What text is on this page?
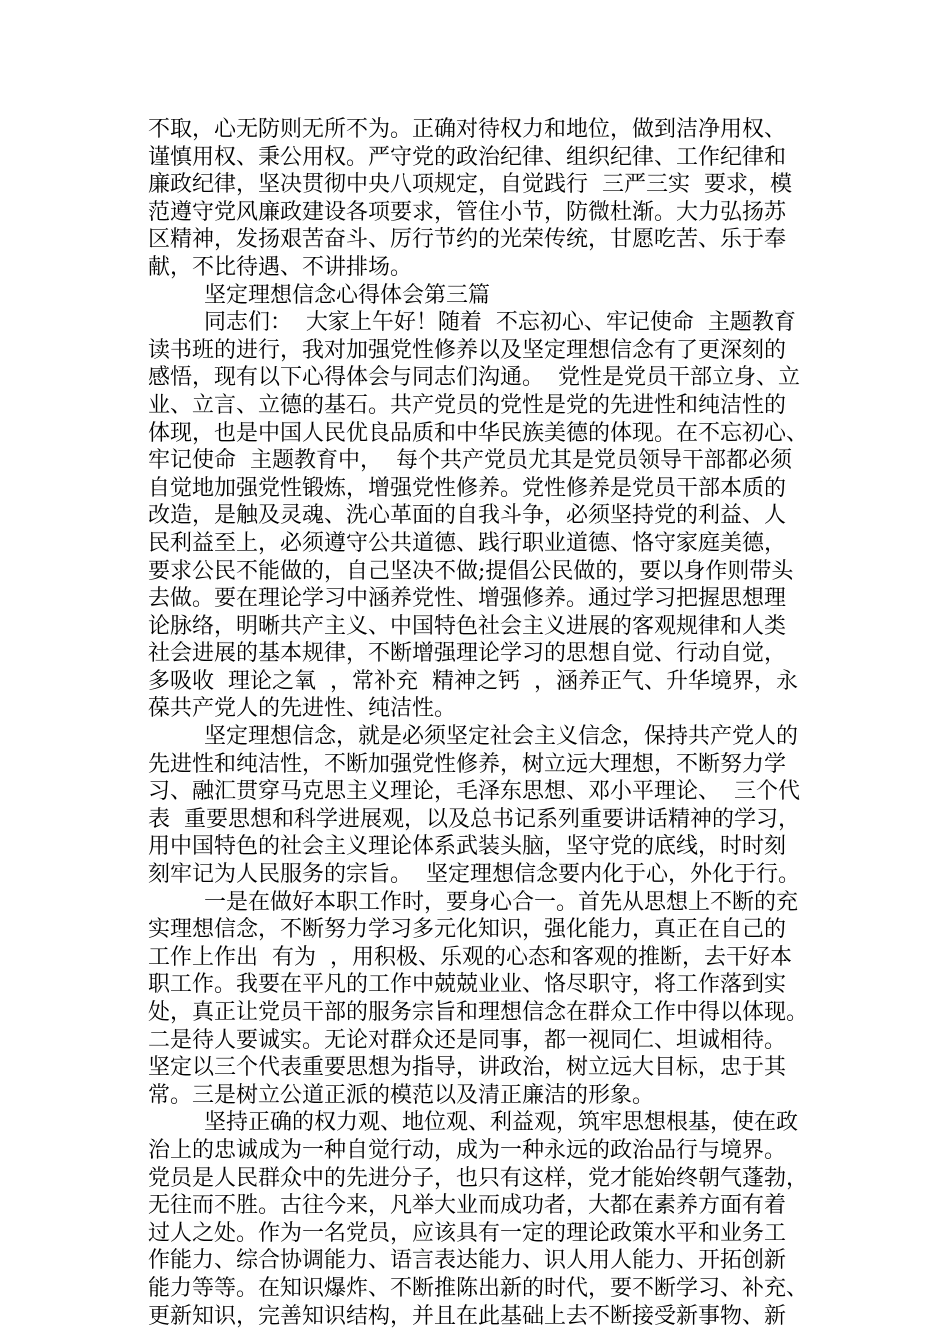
不取，心无防则无所不为。正确对待权力和地位，做到洁净用权、
谨慎用权、秉公用权。严守党的政治纪律、组织纪律、工作纪律和
廉政纪律，坚决贯彻中央八项规定，自觉践行  三严三实  要求，模
范遵守党风廉政建设各项要求，管住小节，防微杜渐。大力弘扬苏
区精神，发扬艰苦奋斗、厉行节约的光荣传统，甘愿吃苦、乐于奉
献，不比待遇、不讲排场。
坚定理想信念心得体会第三篇
同志们：  大家上午好！随着  不忘初心、牢记使命  主题教育
读书班的进行，我对加强党性修养以及坚定理想信念有了更深刻的
感悟，现有以下心得体会与同志们沟通。  党性是党员干部立身、立
业、立言、立德的基石。共产党员的党性是党的先进性和纯洁性的
体现，也是中国人民优良品质和中华民族美德的体现。在不忘初心、
牢记使命  主题教育中，  每个共产党员尤其是党员领导干部都必须
自觉地加强党性锻炼，增强党性修养。党性修养是党员干部本质的
改造，是触及灵魂、洗心革面的自我斗争，必须坚持党的利益、人
民利益至上，必须遵守公共道德、践行职业道德、恪守家庭美德，
要求公民不能做的，自己坚决不做;提倡公民做的，要以身作则带头
去做。要在理论学习中涵养党性、增强修养。通过学习把握思想理
论脉络，明晰共产主义、中国特色社会主义进展的客观规律和人类
社会进展的基本规律，不断增强理论学习的思想自觉、行动自觉，
多吸收  理论之氧  ，常补充  精神之钙  ，涵养正气、升华境界，永
葆共产党人的先进性、纯洁性。
坚定理想信念，就是必须坚定社会主义信念，保持共产党人的
先进性和纯洁性，不断加强党性修养，树立远大理想，不断努力学
习、融汇贯穿马克思主义理论，毛泽东思想、邓小平理论、  三个代
表  重要思想和科学进展观，以及总书记系列重要讲话精神的学习，
用中国特色的社会主义理论体系武装头脑，坚守党的底线，时时刻
刻牢记为人民服务的宗旨。  坚定理想信念要内化于心，外化于行。
一是在做好本职工作时，要身心合一。首先从思想上不断的充
实理想信念，不断努力学习多元化知识，强化能力，真正在自己的
工作上作出  有为  ，用积极、乐观的心态和客观的推断，去干好本
职工作。我要在平凡的工作中兢兢业业、恪尽职守，将工作落到实
处，真正让党员干部的服务宗旨和理想信念在群众工作中得以体现。
二是待人要诚实。无论对群众还是同事，都一视同仁、坦诚相待。
坚定以三个代表重要思想为指导，讲政治，树立远大目标，忠于其
常。三是树立公道正派的模范以及清正廉洁的形象。
坚持正确的权力观、地位观、利益观，筑牢思想根基，使在政
治上的忠诚成为一种自觉行动，成为一种永远的政治品行与境界。
党员是人民群众中的先进分子，也只有这样，党才能始终朝气蓬勃，
无往而不胜。古往今来，凡举大业而成功者，大都在素养方面有着
过人之处。作为一名党员，应该具有一定的理论政策水平和业务工
作能力、综合协调能力、语言表达能力、识人用人能力、开拓创新
能力等等。在知识爆炸、不断推陈出新的时代，要不断学习、补充、
更新知识，完善知识结构，并且在此基础上去不断接受新事物、新
